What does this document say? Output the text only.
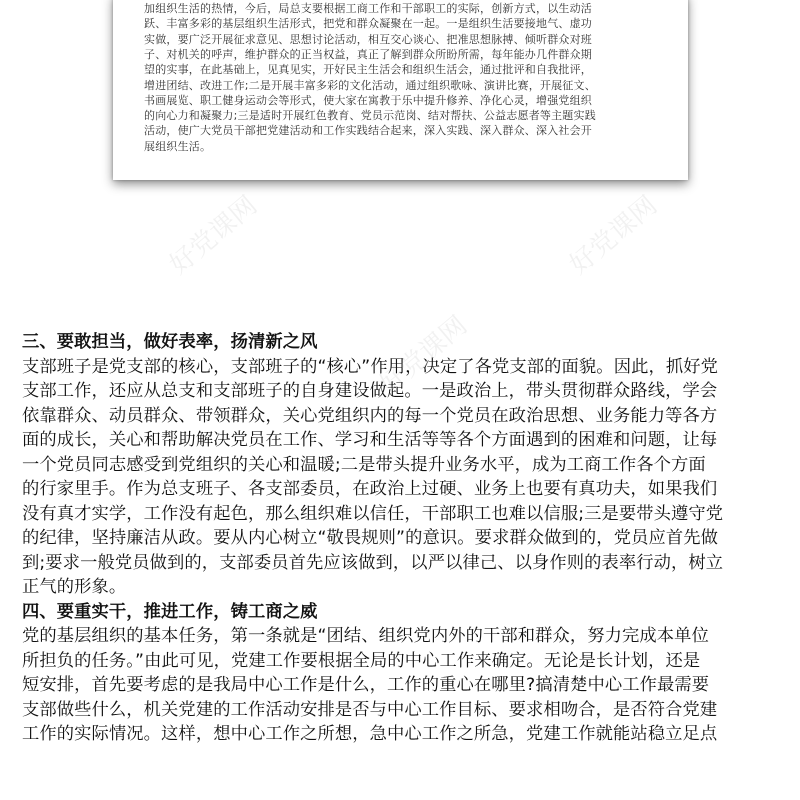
加组织生活的热情，今后，局总支要根据工商工作和干部职工的实际，创新方式，以生动活
跃、丰富多彩的基层组织生活形式，把党和群众凝聚在一起。一是组织生活要接地气、虚功
实做，要广泛开展征求意见、思想讨论活动，相互交心谈心、把准思想脉搏、倾听群众对班
子、对机关的呼声，维护群众的正当权益，真正了解到群众所盼所需，每年能办几件群众期
望的实事，在此基础上，见真见实，开好民主生活会和组织生活会，通过批评和自我批评，
增进团结、改进工作;二是开展丰富多彩的文化活动，通过组织歌咏、演讲比赛，开展征文、
书画展览、职工健身运动会等形式，使大家在寓教于乐中提升修养、净化心灵，增强党组织
的向心力和凝聚力;三是适时开展红色教育、党员示范岗、结对帮扶、公益志愿者等主题实践
活动，使广大党员干部把党建活动和工作实践结合起来，深入实践、深入群众、深入社会开
展组织生活。
三、要敢担当，做好表率，扬清新之风
支部班子是党支部的核心，支部班子的“核心”作用，决定了各党支部的面貌。因此，抓好党
支部工作，还应从总支和支部班子的自身建设做起。一是政治上，带头贯彻群众路线，学会
依靠群众、动员群众、带领群众，关心党组织内的每一个党员在政治思想、业务能力等各方
面的成长，关心和帮助解决党员在工作、学习和生活等等各个方面遇到的困难和问题，让每
一个党员同志感受到党组织的关心和温暖;二是带头提升业务水平，成为工商工作各个方面
的行家里手。作为总支班子、各支部委员，在政治上过硬、业务上也要有真功夫，如果我们
没有真才实学，工作没有起色，那么组织难以信任，干部职工也难以信服;三是要带头遵守党
的纪律，坚持廉洁从政。要从内心树立“敬畏规则”的意识。要求群众做到的，党员应首先做
到;要求一般党员做到的，支部委员首先应该做到，以严以律己、以身作则的表率行动，树立
正气的形象。
四、要重实干，推进工作，铸工商之威
党的基层组织的基本任务，第一条就是“团结、组织党内外的干部和群众，努力完成本单位
所担负的任务。”由此可见，党建工作要根据全局的中心工作来确定。无论是长计划，还是
短安排，首先要考虑的是我局中心工作是什么，工作的重心在哪里?搞清楚中心工作最需要
支部做些什么，机关党建的工作活动安排是否与中心工作目标、要求相吻合，是否符合党建
工作的实际情况。这样，想中心工作之所想，急中心工作之所急，党建工作就能站稳立足点
好党课网	好党课网
好党课网
